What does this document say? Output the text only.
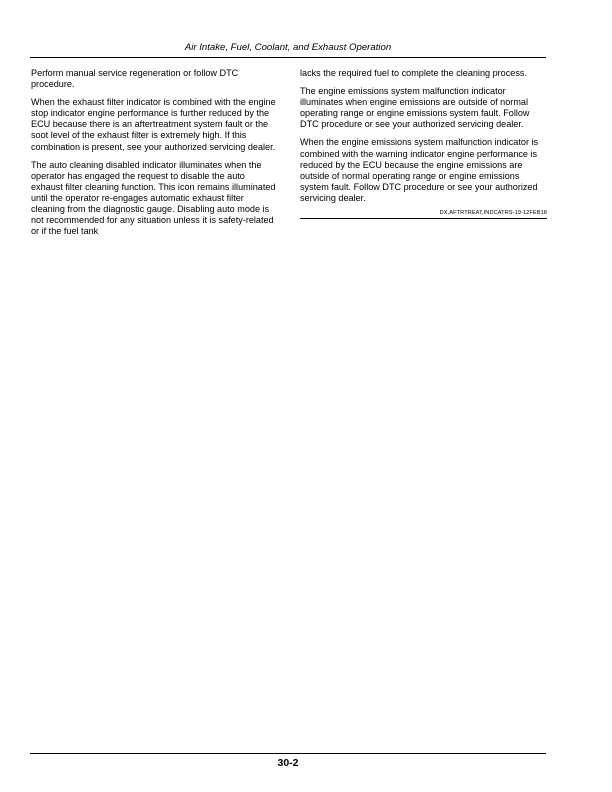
Air Intake, Fuel, Coolant, and Exhaust Operation

Perform manual service regeneration or follow DTC procedure.

When the exhaust filter indicator is combined with the engine stop indicator engine performance is further reduced by the ECU because there is an aftertreatment system fault or the soot level of the exhaust filter is extremely high. If this combination is present, see your authorized servicing dealer.

The auto cleaning disabled indicator illuminates when the operator has engaged the request to disable the auto exhaust filter cleaning function. This icon remains illuminated until the operator re-engages automatic exhaust filter cleaning from the diagnostic gauge. Disabling auto mode is not recommended for any situation unless it is safety-related or if the fuel tank

lacks the required fuel to complete the cleaning process.

The engine emissions system malfunction indicator illuminates when engine emissions are outside of normal operating range or engine emissions system fault. Follow DTC procedure or see your authorized servicing dealer.

When the engine emissions system malfunction indicator is combined with the warning indicator engine performance is reduced by the ECU because the engine emissions are outside of normal operating range or engine emissions system fault. Follow DTC procedure or see your authorized servicing dealer.

DX,AFTRTREAT,INDCATRS-19-12FEB18
30-2
